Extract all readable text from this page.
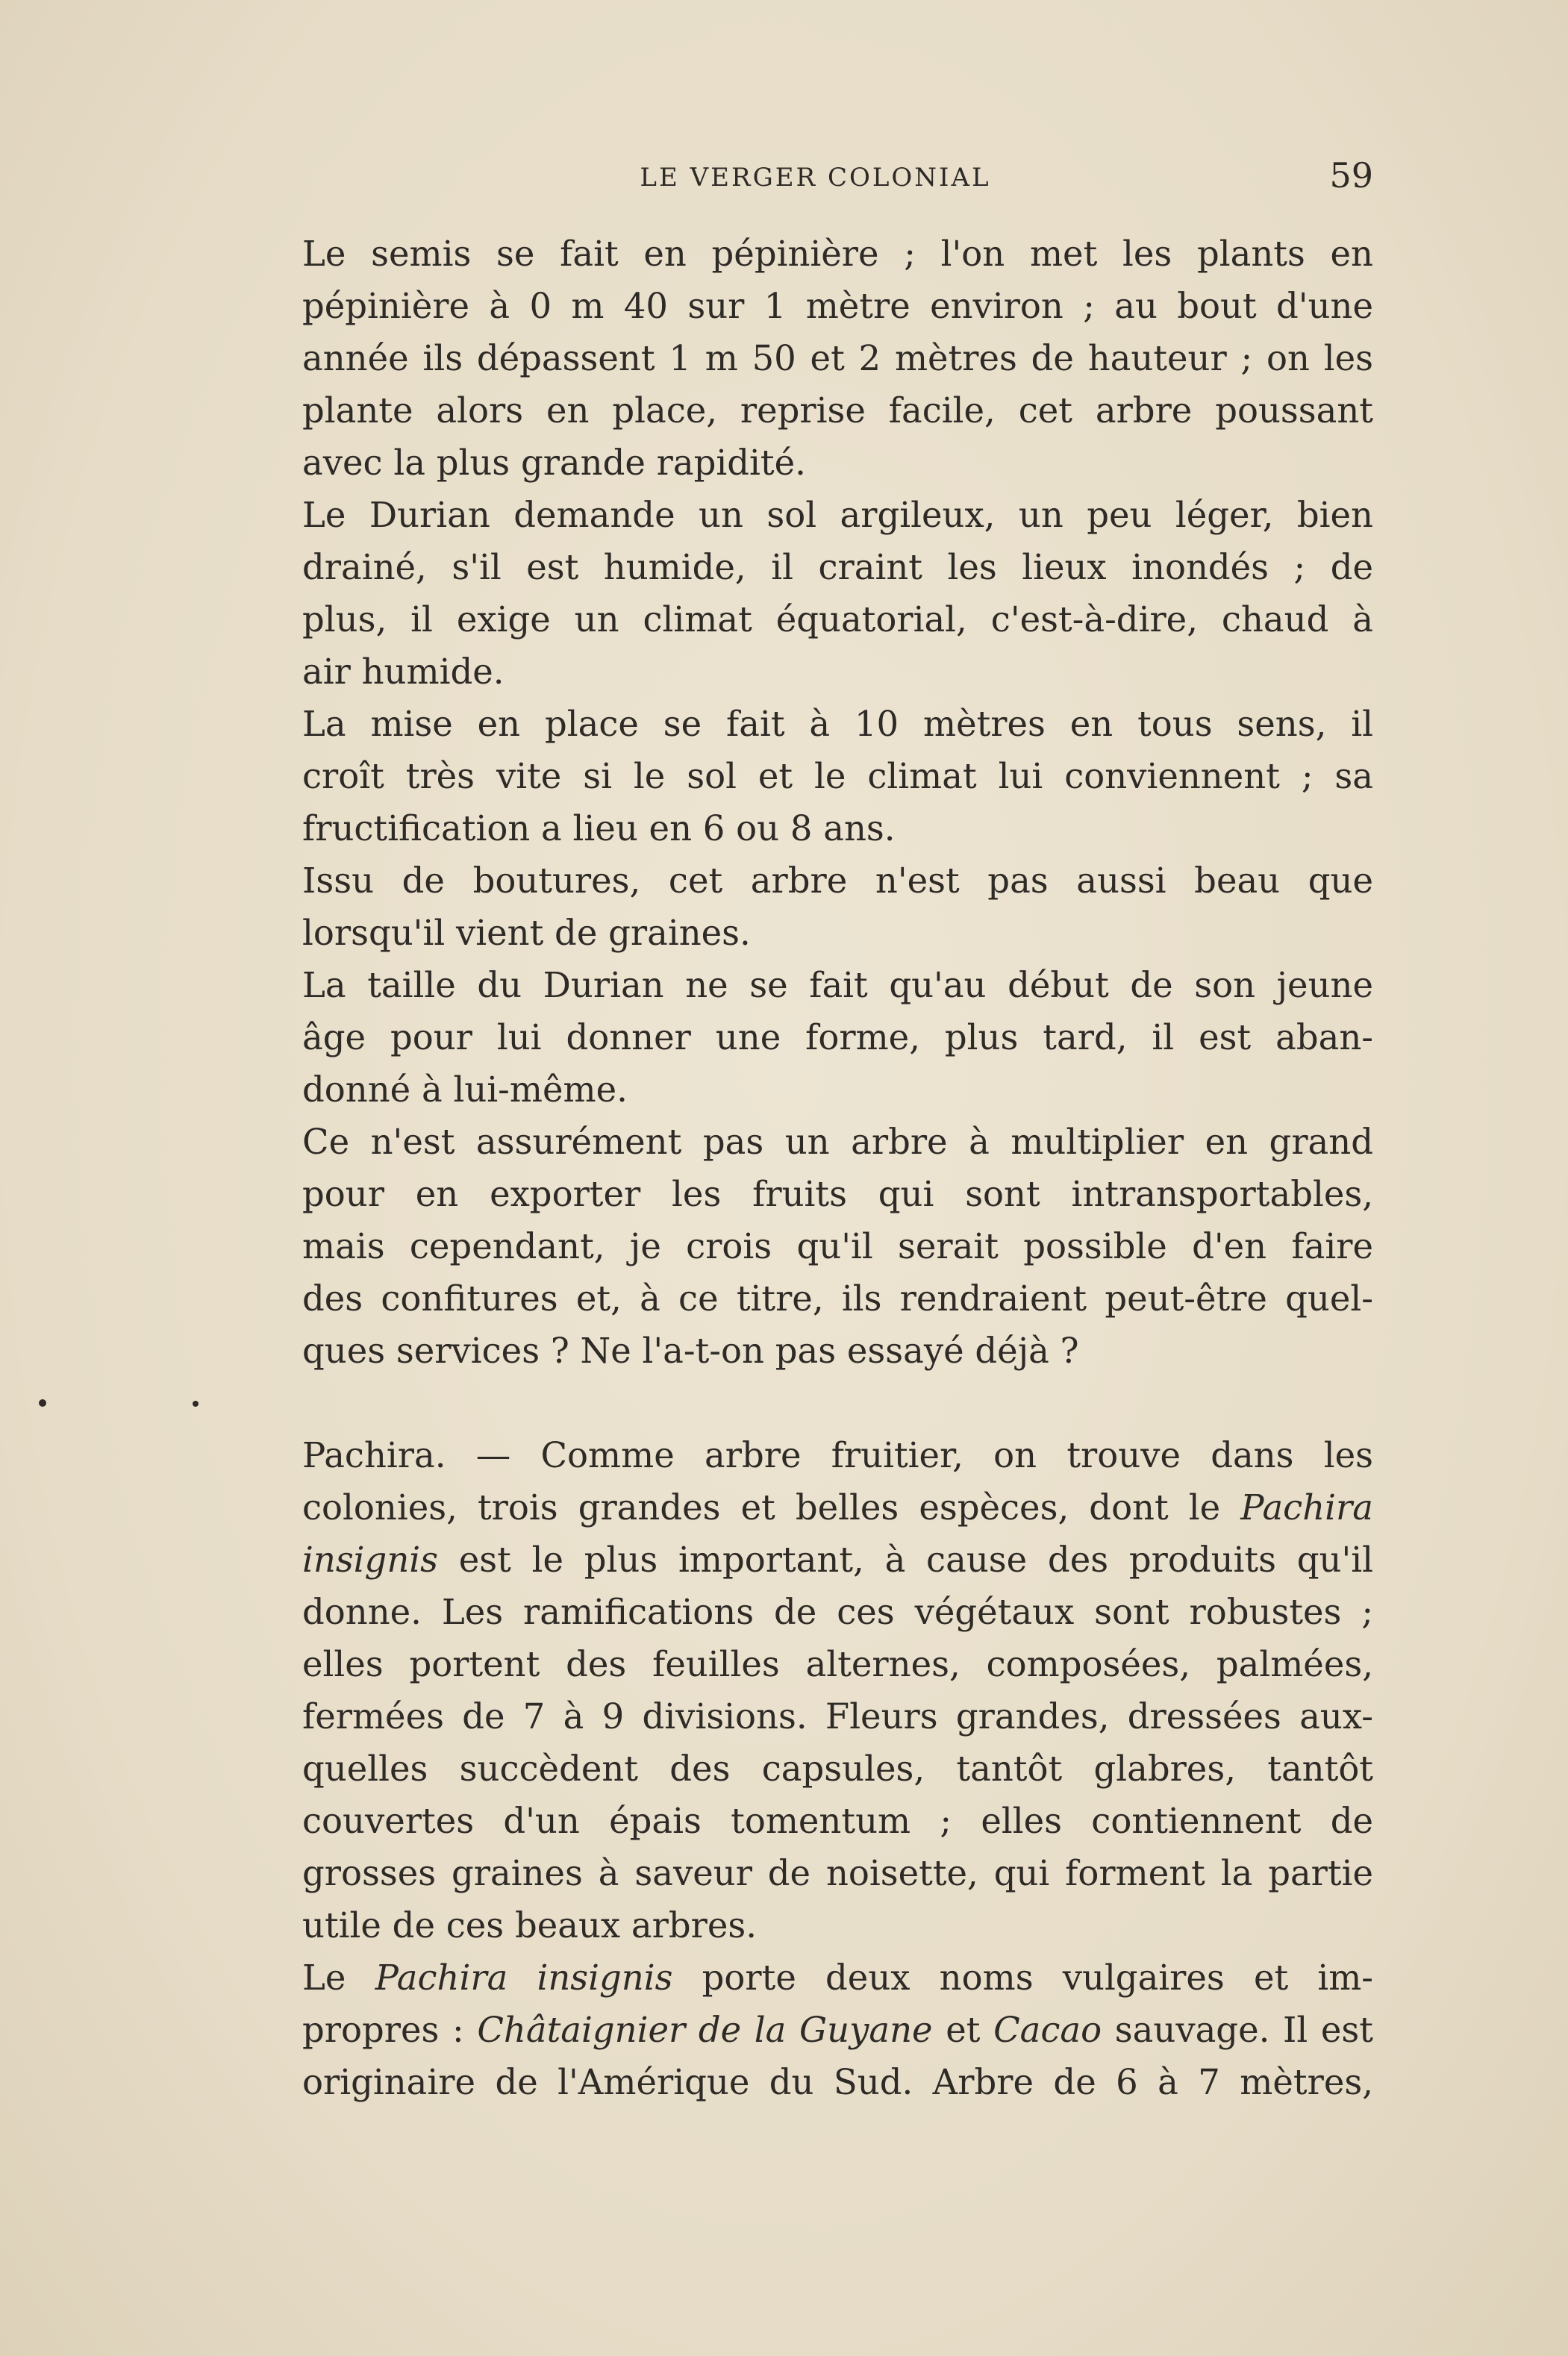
LE VERGER COLONIAL	59

Le semis se fait en pépinière ; l'on met les plants en
pépinière à 0 m 40 sur 1 mètre environ ; au bout d'une
année ils dépassent 1 m 50 et 2 mètres de hauteur ; on les
plante alors en place, reprise facile, cet arbre poussant
avec la plus grande rapidité.

Le Durian demande un sol argileux, un peu léger, bien
drainé, s'il est humide, il craint les lieux inondés ; de
plus, il exige un climat équatorial, c'est-à-dire, chaud à
air humide.

La mise en place se fait à 10 mètres en tous sens, il
croît très vite si le sol et le climat lui conviennent ; sa
fructification a lieu en 6 ou 8 ans.

Issu de boutures, cet arbre n'est pas aussi beau que
lorsqu'il vient de graines.

La taille du Durian ne se fait qu'au début de son jeune
âge pour lui donner une forme, plus tard, il est aban-
donné à lui-même.

Ce n'est assurément pas un arbre à multiplier en grand
pour en exporter les fruits qui sont intransportables,
mais cependant, je crois qu'il serait possible d'en faire
des confitures et, à ce titre, ils rendraient peut-être quel-
ques services ? Ne l'a-t-on pas essayé déjà ?

Pachira. — Comme arbre fruitier, on trouve dans les
colonies, trois grandes et belles espèces, dont le Pachira
insignis est le plus important, à cause des produits qu'il
donne. Les ramifications de ces végétaux sont robustes ;
elles portent des feuilles alternes, composées, palmées,
fermées de 7 à 9 divisions. Fleurs grandes, dressées aux-
quelles succèdent des capsules, tantôt glabres, tantôt
couvertes d'un épais tomentum ; elles contiennent de
grosses graines à saveur de noisette, qui forment la partie
utile de ces beaux arbres.

Le Pachira insignis porte deux noms vulgaires et im-
propres : Châtaignier de la Guyane et Cacao sauvage. Il est
originaire de l'Amérique du Sud. Arbre de 6 à 7 mètres,
